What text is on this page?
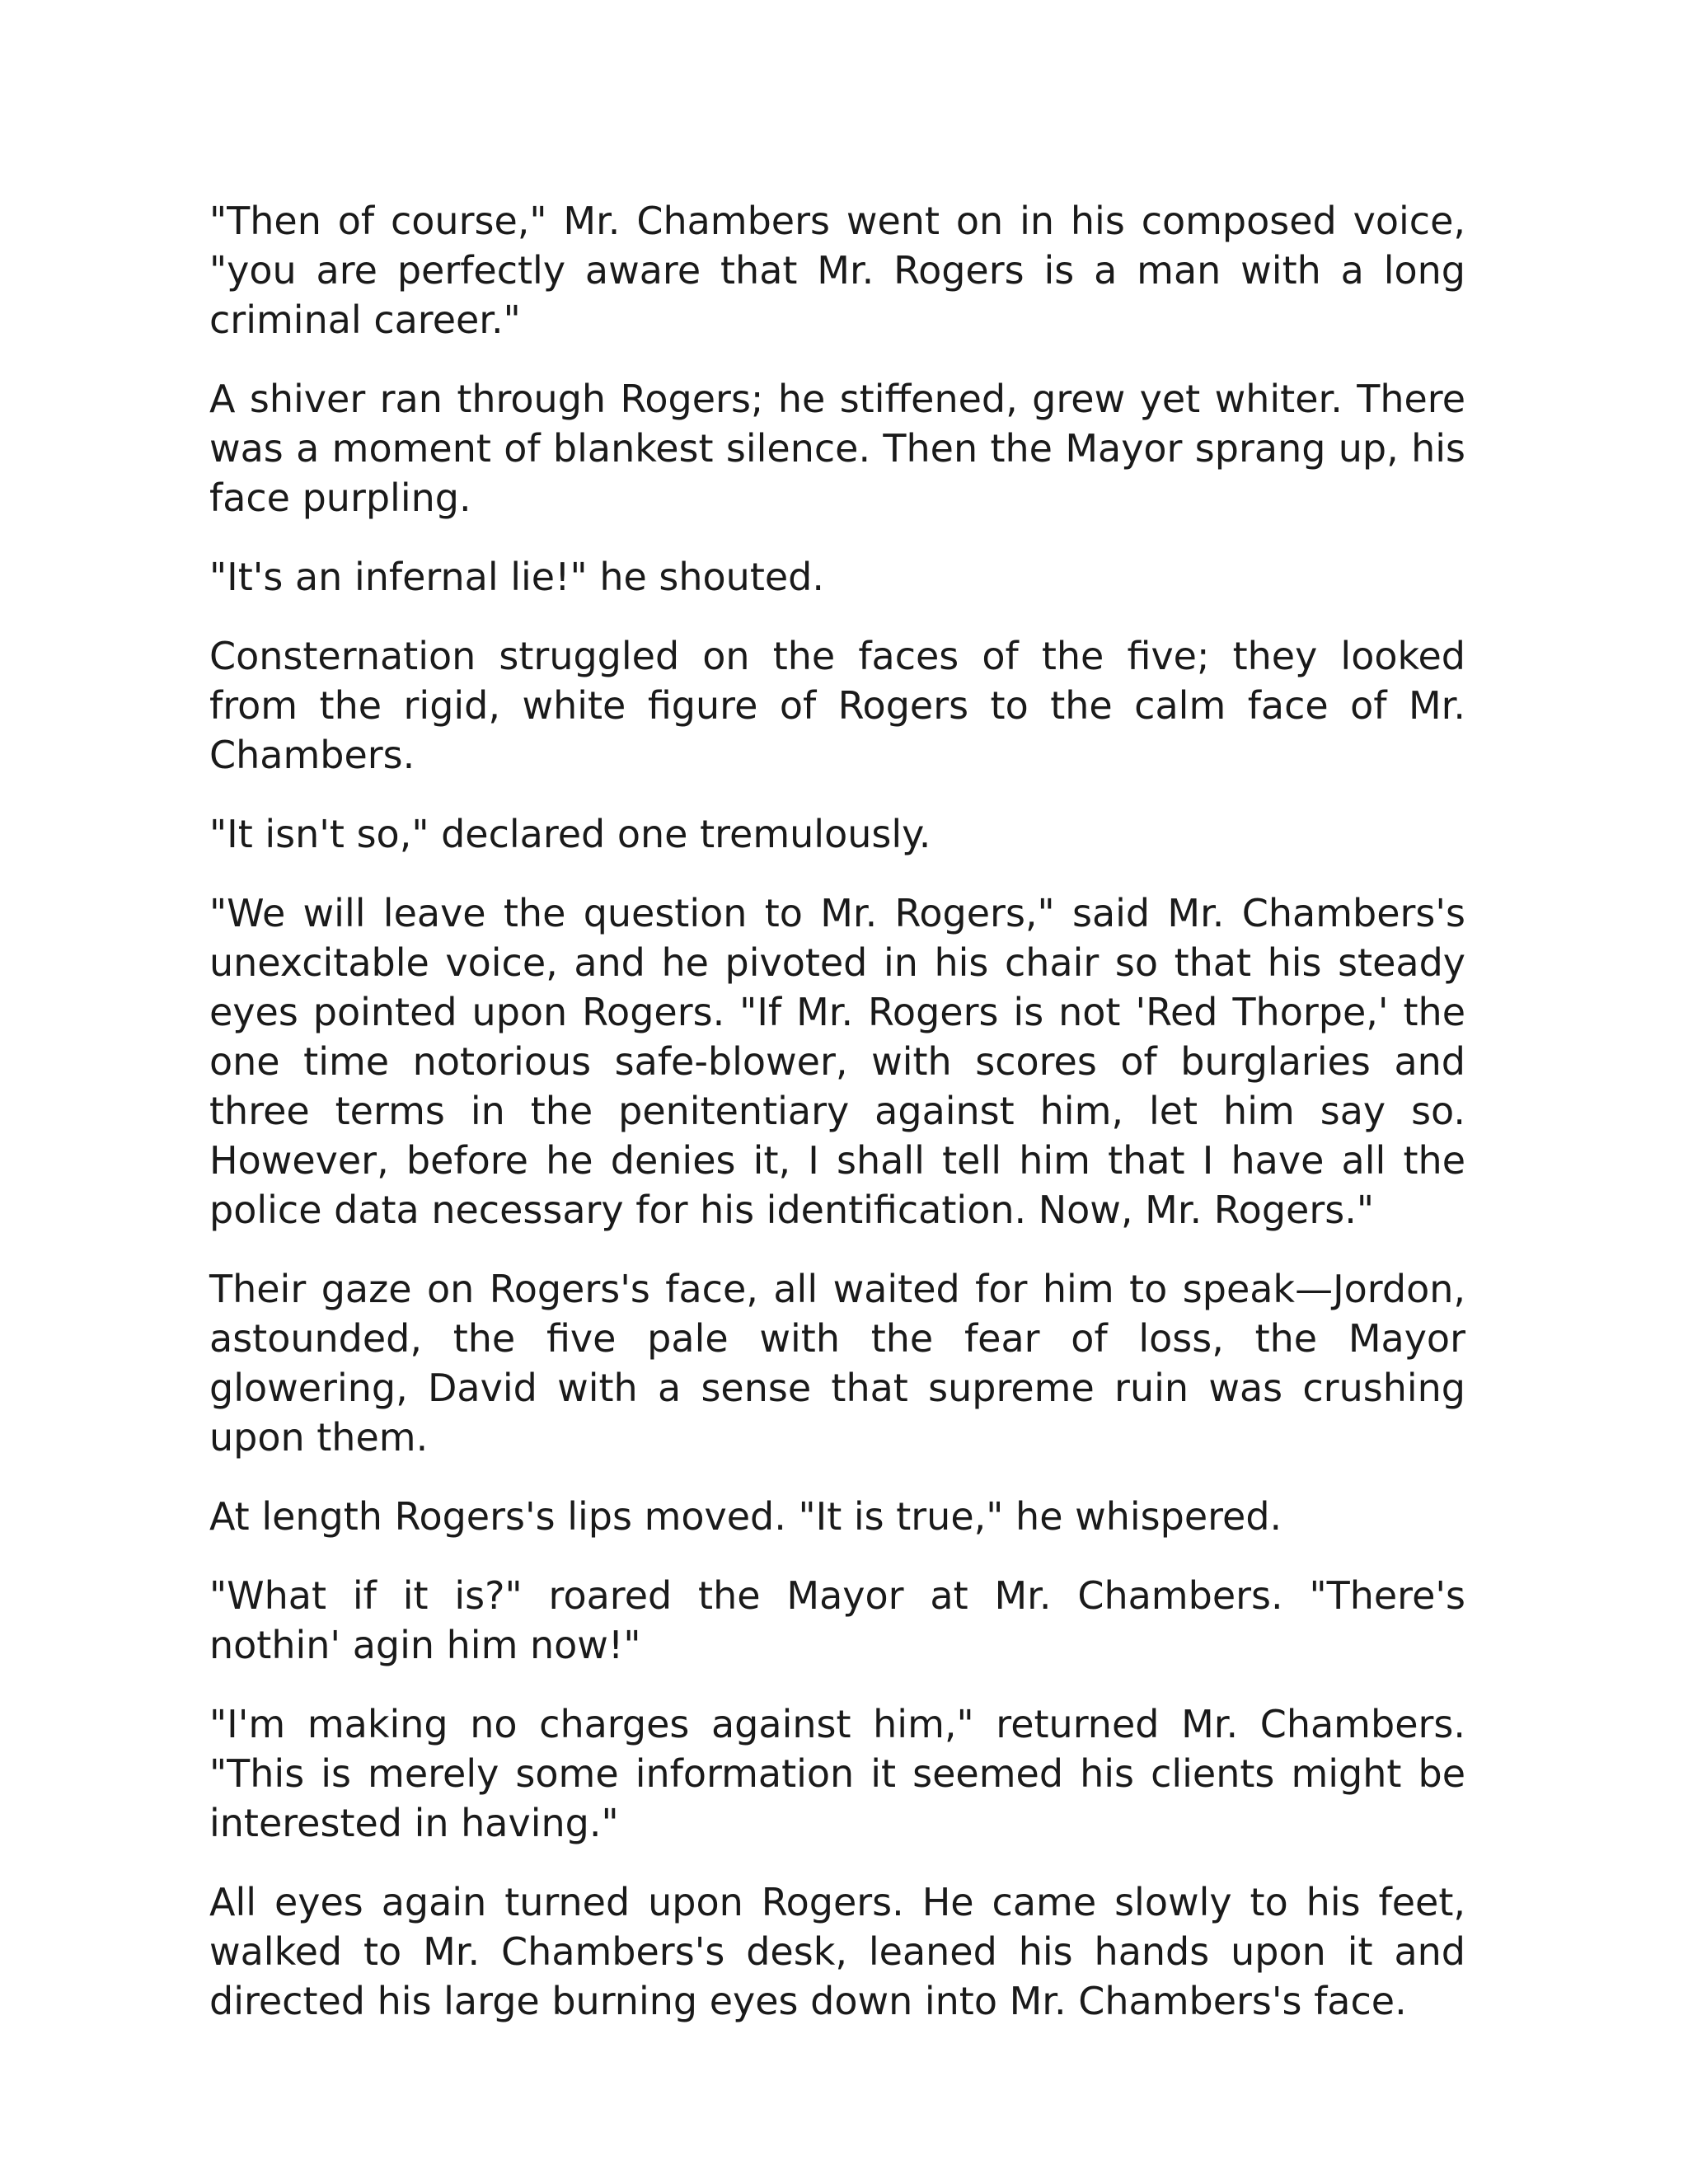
"Then of course," Mr. Chambers went on in his composed voice, "you are perfectly aware that Mr. Rogers is a man with a long criminal career."

A shiver ran through Rogers; he stiffened, grew yet whiter. There was a moment of blankest silence. Then the Mayor sprang up, his face purpling.

"It's an infernal lie!" he shouted.

Consternation struggled on the faces of the five; they looked from the rigid, white figure of Rogers to the calm face of Mr. Chambers.

"It isn't so," declared one tremulously.

"We will leave the question to Mr. Rogers," said Mr. Chambers's unexcitable voice, and he pivoted in his chair so that his steady eyes pointed upon Rogers. "If Mr. Rogers is not 'Red Thorpe,' the one time notorious safe-blower, with scores of burglaries and three terms in the penitentiary against him, let him say so. However, before he denies it, I shall tell him that I have all the police data necessary for his identification. Now, Mr. Rogers."

Their gaze on Rogers's face, all waited for him to speak—Jordon, astounded, the five pale with the fear of loss, the Mayor glowering, David with a sense that supreme ruin was crushing upon them.

At length Rogers's lips moved. "It is true," he whispered.

"What if it is?" roared the Mayor at Mr. Chambers. "There's nothin' agin him now!"

"I'm making no charges against him," returned Mr. Chambers. "This is merely some information it seemed his clients might be interested in having."

All eyes again turned upon Rogers. He came slowly to his feet, walked to Mr. Chambers's desk, leaned his hands upon it and directed his large burning eyes down into Mr. Chambers's face.
